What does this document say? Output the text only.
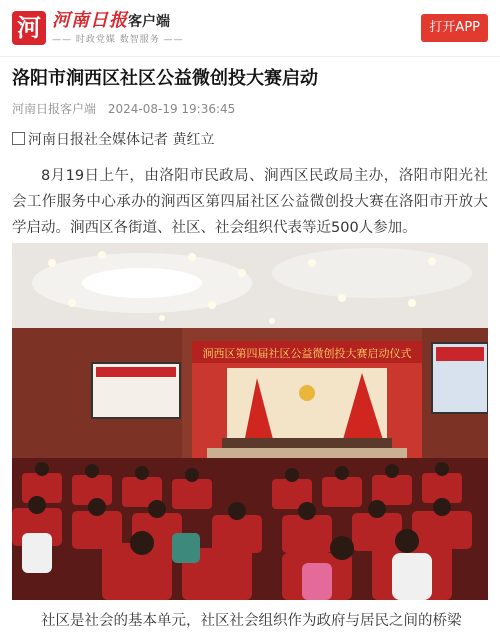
河 河南日报客户端
—— 时政党媒 数智服务 ——
打开APP
洛阳市涧西区社区公益微创投大赛启动
河南日报客户端 2024-08-19 19:36:45
河南日报社全媒体记者 黄红立

8月19日上午，由洛阳市民政局、涧西区民政局主办，洛阳市阳光社会工作服务中心承办的涧西区第四届社区公益微创投大赛在洛阳市开放大学启动。涧西区各街道、社区、社会组织代表等近500人参加。

涧西区第四届社区公益微创投大赛启动仪式

社区是社会的基本单元，社区社会组织作为政府与居民之间的桥梁
